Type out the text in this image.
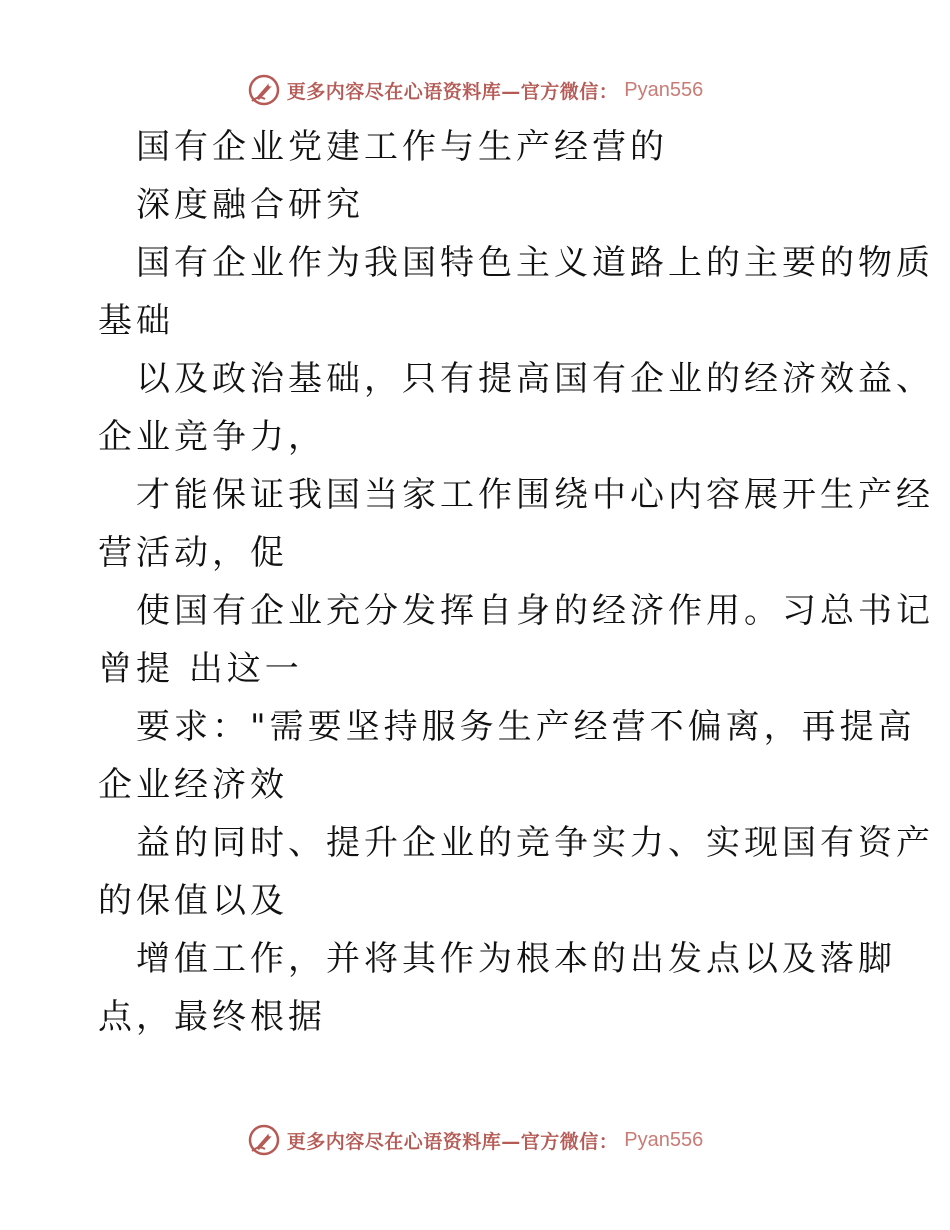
更多内容尽在心语资料库—官方微信： Pyan556
国有企业党建工作与生产经营的
深度融合研究
国有企业作为我国特色主义道路上的主要的物质
基础
以及政治基础，只有提高国有企业的经济效益、
企业竞争力，
才能保证我国当家工作围绕中心内容展开生产经
营活动，促
使国有企业充分发挥自身的经济作用。习总书记
曾提 出这一
要求："需要坚持服务生产经营不偏离，再提高
企业经济效
益的同时、提升企业的竞争实力、实现国有资产
的保值以及
增值工作，并将其作为根本的出发点以及落脚
点，最终根据
更多内容尽在心语资料库—官方微信： Pyan556
